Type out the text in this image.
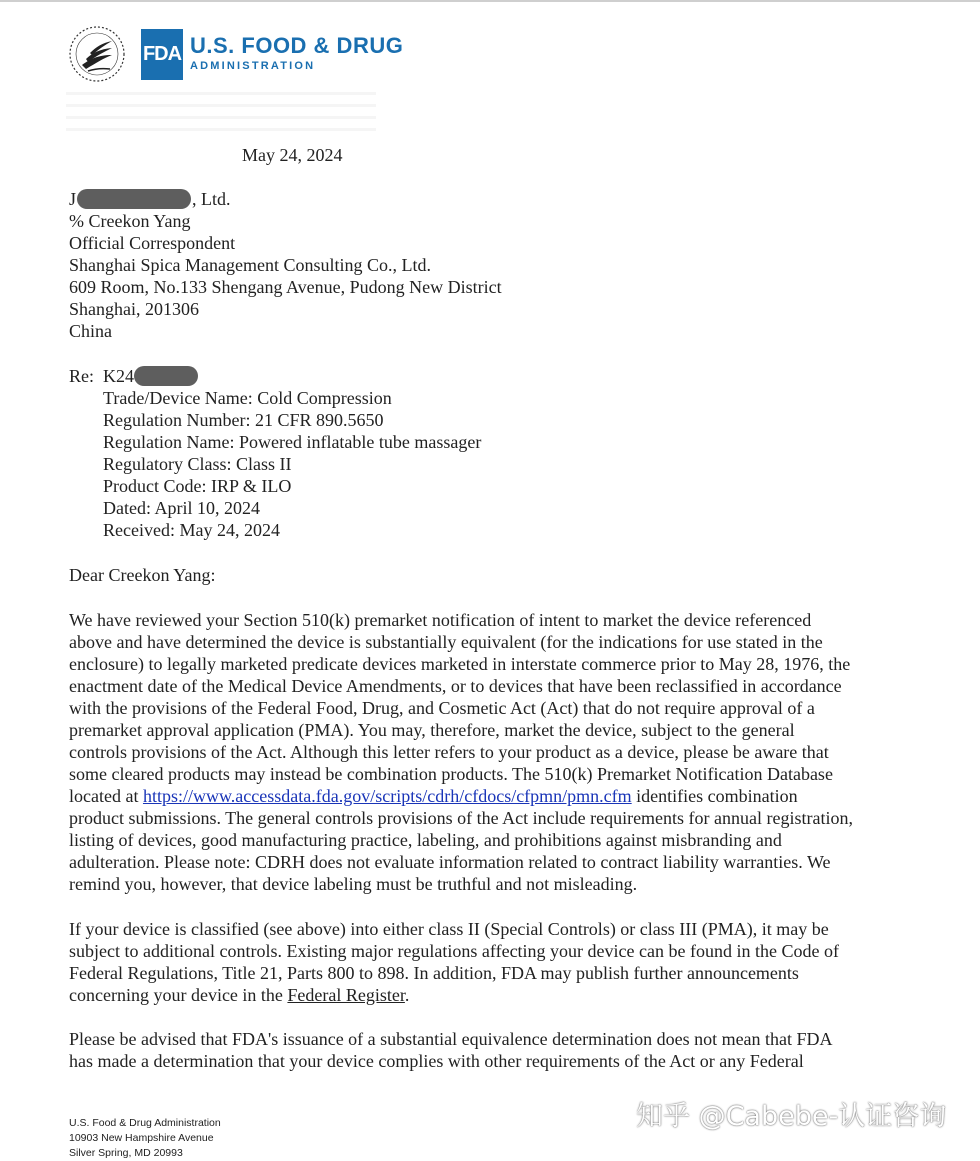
FDA U.S. FOOD & DRUG
ADMINISTRATION
May 24, 2024
J	, Ltd.
% Creekon Yang
Official Correspondent
Shanghai Spica Management Consulting Co., Ltd.
609 Room, No.133 Shengang Avenue, Pudong New District
Shanghai, 201306
China
Re: K24
Trade/Device Name: Cold Compression
Regulation Number: 21 CFR 890.5650
Regulation Name: Powered inflatable tube massager
Regulatory Class: Class II
Product Code: IRP & ILO
Dated: April 10, 2024
Received: May 24, 2024
Dear Creekon Yang:
We have reviewed your Section 510(k) premarket notification of intent to market the device referenced
above and have determined the device is substantially equivalent (for the indications for use stated in the
enclosure) to legally marketed predicate devices marketed in interstate commerce prior to May 28, 1976, the
enactment date of the Medical Device Amendments, or to devices that have been reclassified in accordance
with the provisions of the Federal Food, Drug, and Cosmetic Act (Act) that do not require approval of a
premarket approval application (PMA). You may, therefore, market the device, subject to the general
controls provisions of the Act. Although this letter refers to your product as a device, please be aware that
some cleared products may instead be combination products. The 510(k) Premarket Notification Database
located at https://www.accessdata.fda.gov/scripts/cdrh/cfdocs/cfpmn/pmn.cfm identifies combination
product submissions. The general controls provisions of the Act include requirements for annual registration,
listing of devices, good manufacturing practice, labeling, and prohibitions against misbranding and
adulteration. Please note: CDRH does not evaluate information related to contract liability warranties. We
remind you, however, that device labeling must be truthful and not misleading.
If your device is classified (see above) into either class II (Special Controls) or class III (PMA), it may be
subject to additional controls. Existing major regulations affecting your device can be found in the Code of
Federal Regulations, Title 21, Parts 800 to 898. In addition, FDA may publish further announcements
concerning your device in the Federal Register.
Please be advised that FDA's issuance of a substantial equivalence determination does not mean that FDA
has made a determination that your device complies with other requirements of the Act or any Federal
U.S. Food & Drug Administration
10903 New Hampshire Avenue
Silver Spring, MD 20993
知乎 @Cabebe-认证咨询
